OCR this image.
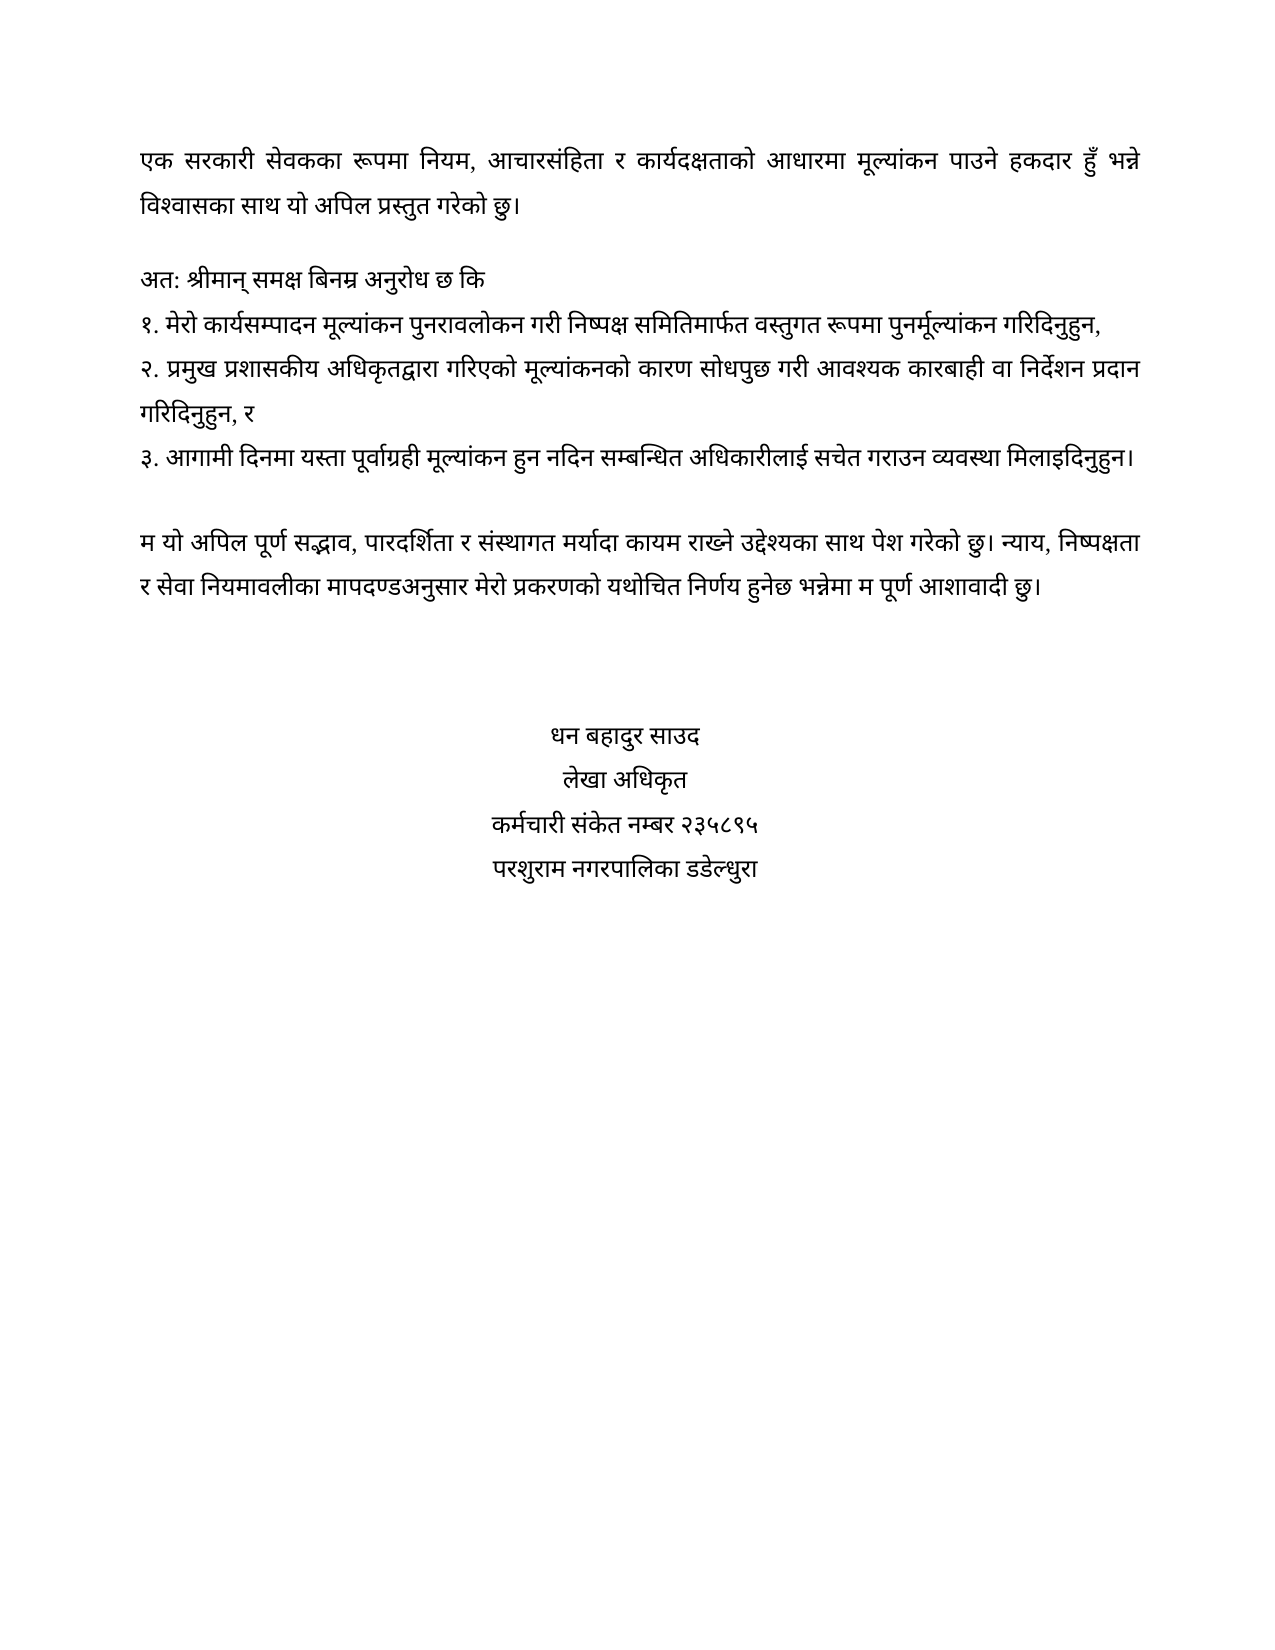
एक सरकारी सेवकका रूपमा नियम, आचारसंहिता र कार्यदक्षताको आधारमा मूल्यांकन पाउने हकदार हुँ भन्ने विश्वासका साथ यो अपिल प्रस्तुत गरेको छु।

अत: श्रीमान् समक्ष बिनम्र अनुरोध छ कि

१. मेरो कार्यसम्पादन मूल्यांकन पुनरावलोकन गरी निष्पक्ष समितिमार्फत वस्तुगत रूपमा पुनर्मूल्यांकन गरिदिनुहुन,

२. प्रमुख प्रशासकीय अधिकृतद्वारा गरिएको मूल्यांकनको कारण सोधपुछ गरी आवश्यक कारबाही वा निर्देशन प्रदान गरिदिनुहुन, र

३. आगामी दिनमा यस्ता पूर्वाग्रही मूल्यांकन हुन नदिन सम्बन्धित अधिकारीलाई सचेत गराउन व्यवस्था मिलाइदिनुहुन।

म यो अपिल पूर्ण सद्भाव, पारदर्शिता र संस्थागत मर्यादा कायम राख्ने उद्देश्यका साथ पेश गरेको छु। न्याय, निष्पक्षता र सेवा नियमावलीका मापदण्डअनुसार मेरो प्रकरणको यथोचित निर्णय हुनेछ भन्नेमा म पूर्ण आशावादी छु।

धन बहादुर साउद

लेखा अधिकृत

कर्मचारी संकेत नम्बर २३५८९५

परशुराम नगरपालिका डडेल्धुरा
